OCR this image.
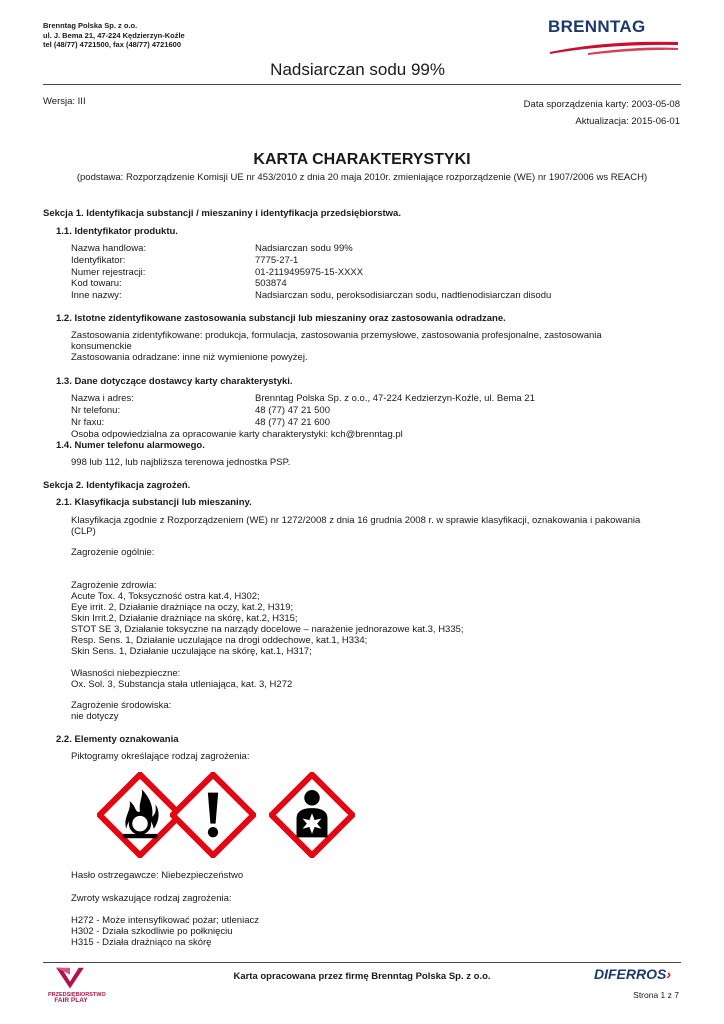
Brenntag Polska Sp. z o.o.
ul. J. Bema 21, 47-224 Kędzierzyn-Koźle
tel (48/77) 4721500, fax (48/77) 4721600
BRENNTAG
Nadsiarczan sodu 99%
Wersja: III	Data sporządzenia karty: 2003-05-08
Aktualizacja: 2015-06-01
KARTA CHARAKTERYSTYKI
(podstawa: Rozporządzenie Komisji UE nr 453/2010 z dnia 20 maja 2010r. zmieniające rozporządzenie (WE) nr 1907/2006 ws REACH)
Sekcja 1. Identyfikacja substancji / mieszaniny i identyfikacja przedsiębiorstwa.
1.1. Identyfikator produktu.
Nazwa handlowa:	Nadsiarczan sodu 99%
Identyfikator:	7775-27-1
Numer rejestracji:	01-2119495975-15-XXXX
Kod towaru:	503874
Inne nazwy:	Nadsiarczan sodu, peroksodisiarczan sodu, nadtlenodisiarczan disodu
1.2. Istotne zidentyfikowane zastosowania substancji lub mieszaniny oraz zastosowania odradzane.
Zastosowania zidentyfikowane: produkcja, formulacja, zastosowania przemysłowe, zastosowania profesjonalne, zastosowania
konsumenckie
Zastosowania odradzane: inne niż wymienione powyżej.
1.3. Dane dotyczące dostawcy karty charakterystyki.
Nazwa i adres:	Brenntag Polska Sp. z o.o., 47-224 Kedzierzyn-Koźle, ul. Bema 21
Nr telefonu:	48 (77) 47 21 500
Nr faxu:	48 (77) 47 21 600
Osoba odpowiedzialna za opracowanie karty charakterystyki: kch@brenntag.pl
1.4. Numer telefonu alarmowego.
998 lub 112, lub najbliższa terenowa jednostka PSP.
Sekcja 2. Identyfikacja zagrożeń.
2.1. Klasyfikacja substancji lub mieszaniny.
Klasyfikacja zgodnie z Rozporządzeniem (WE) nr 1272/2008 z dnia 16 grudnia 2008 r. w sprawie klasyfikacji, oznakowania i pakowania
(CLP)
Zagrożenie ogólnie:
Zagrożenie zdrowia:
Acute Tox. 4, Toksyczność ostra kat.4, H302;
Eye irrit. 2, Działanie drażniące na oczy, kat.2, H319;
Skin Irrit.2, Działanie drażniące na skórę, kat.2, H315;
STOT SE 3, Działanie toksyczne na narządy docelowe – narażenie jednorazowe kat.3, H335;
Resp. Sens. 1, Działanie uczulające na drogi oddechowe, kat.1, H334;
Skin Sens. 1, Działanie uczulające na skórę, kat.1, H317;
Własności niebezpieczne:
Ox. Sol. 3, Substancja stała utleniająca, kat. 3, H272
Zagrożenie środowiska:
nie dotyczy
2.2. Elementy oznakowania
Piktogramy określające rodzaj zagrożenia:
Hasło ostrzegawcze: Niebezpieczeństwo
Zwroty wskazujące rodzaj zagrożenia:
H272 - Może intensyfikować pożar; utleniacz
H302 - Działa szkodliwie po połknięciu
H315 - Działa drażniąco na skórę
PRZEDSIĘBIORSTWO
FAIR PLAY
Karta opracowana przez firmę Brenntag Polska Sp. z o.o.	DIFERROS›
Strona 1 z 7
